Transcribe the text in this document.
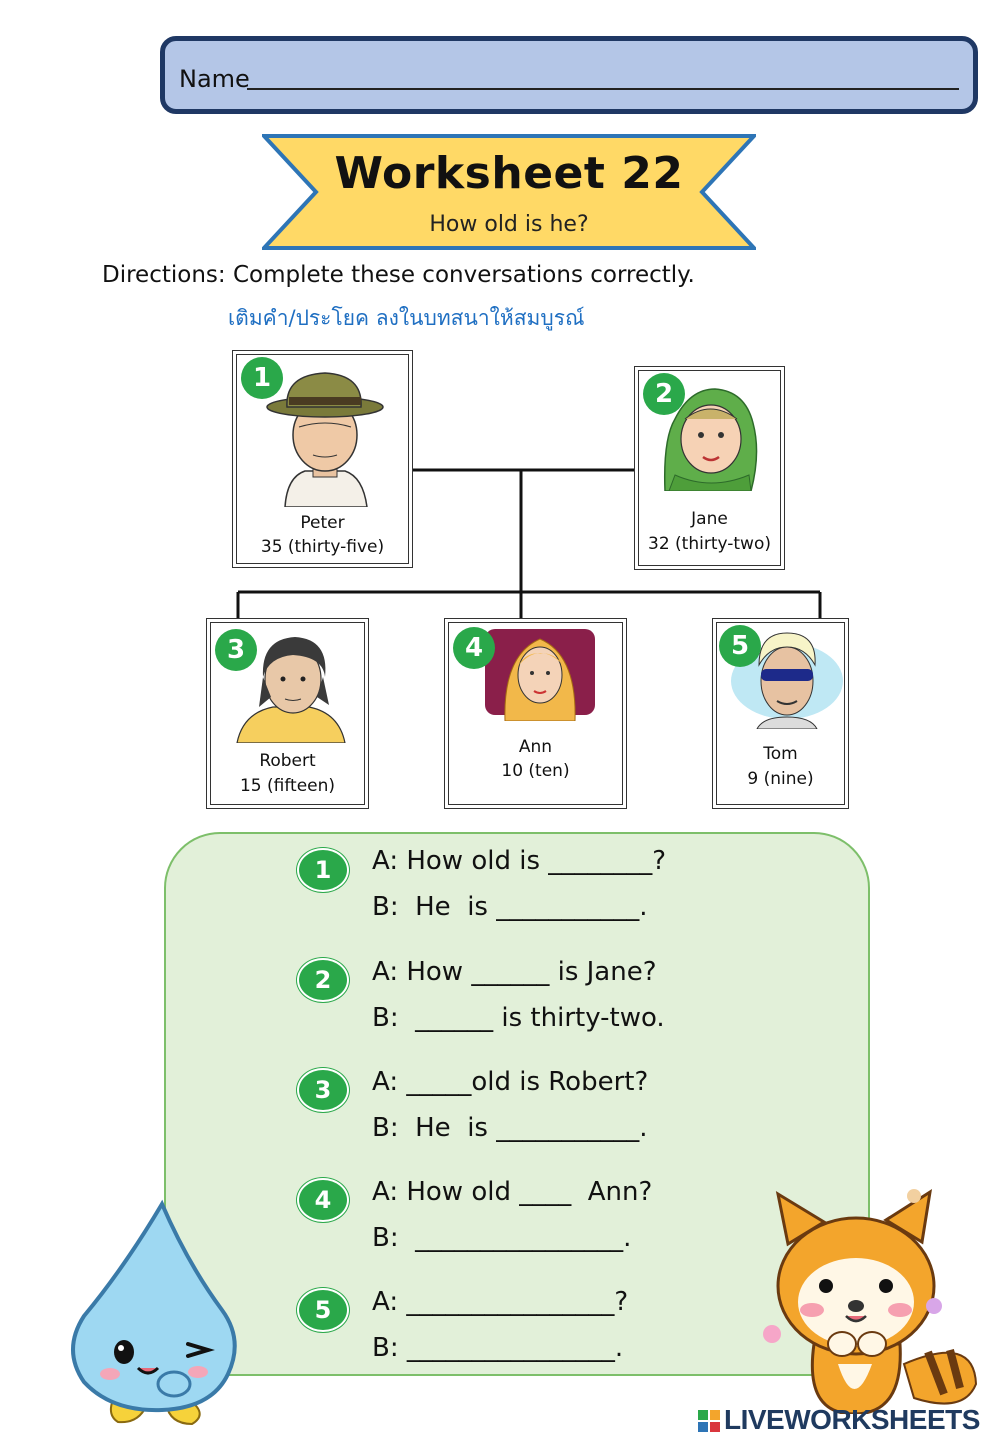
Name
Worksheet 22
How old is he?
Directions: Complete these conversations correctly.
เติมคำ/ประโยค ลงในบทสนาให้สมบูรณ์
1
Peter
35 (thirty-five)
2
Jane
32 (thirty-two)
3
Robert
15 (fifteen)
4
Ann
10 (ten)
5
Tom
9 (nine)
1	A: How old is ________?
B:  He  is ___________.
2	A: How ______ is Jane?
B:  ______ is thirty-two.
3	A: _____old is Robert?
B:  He  is ___________.
4	A: How old ____  Ann?
B:  ________________.
5	A: ________________?
B: ________________.
LIVEWORKSHEETS
